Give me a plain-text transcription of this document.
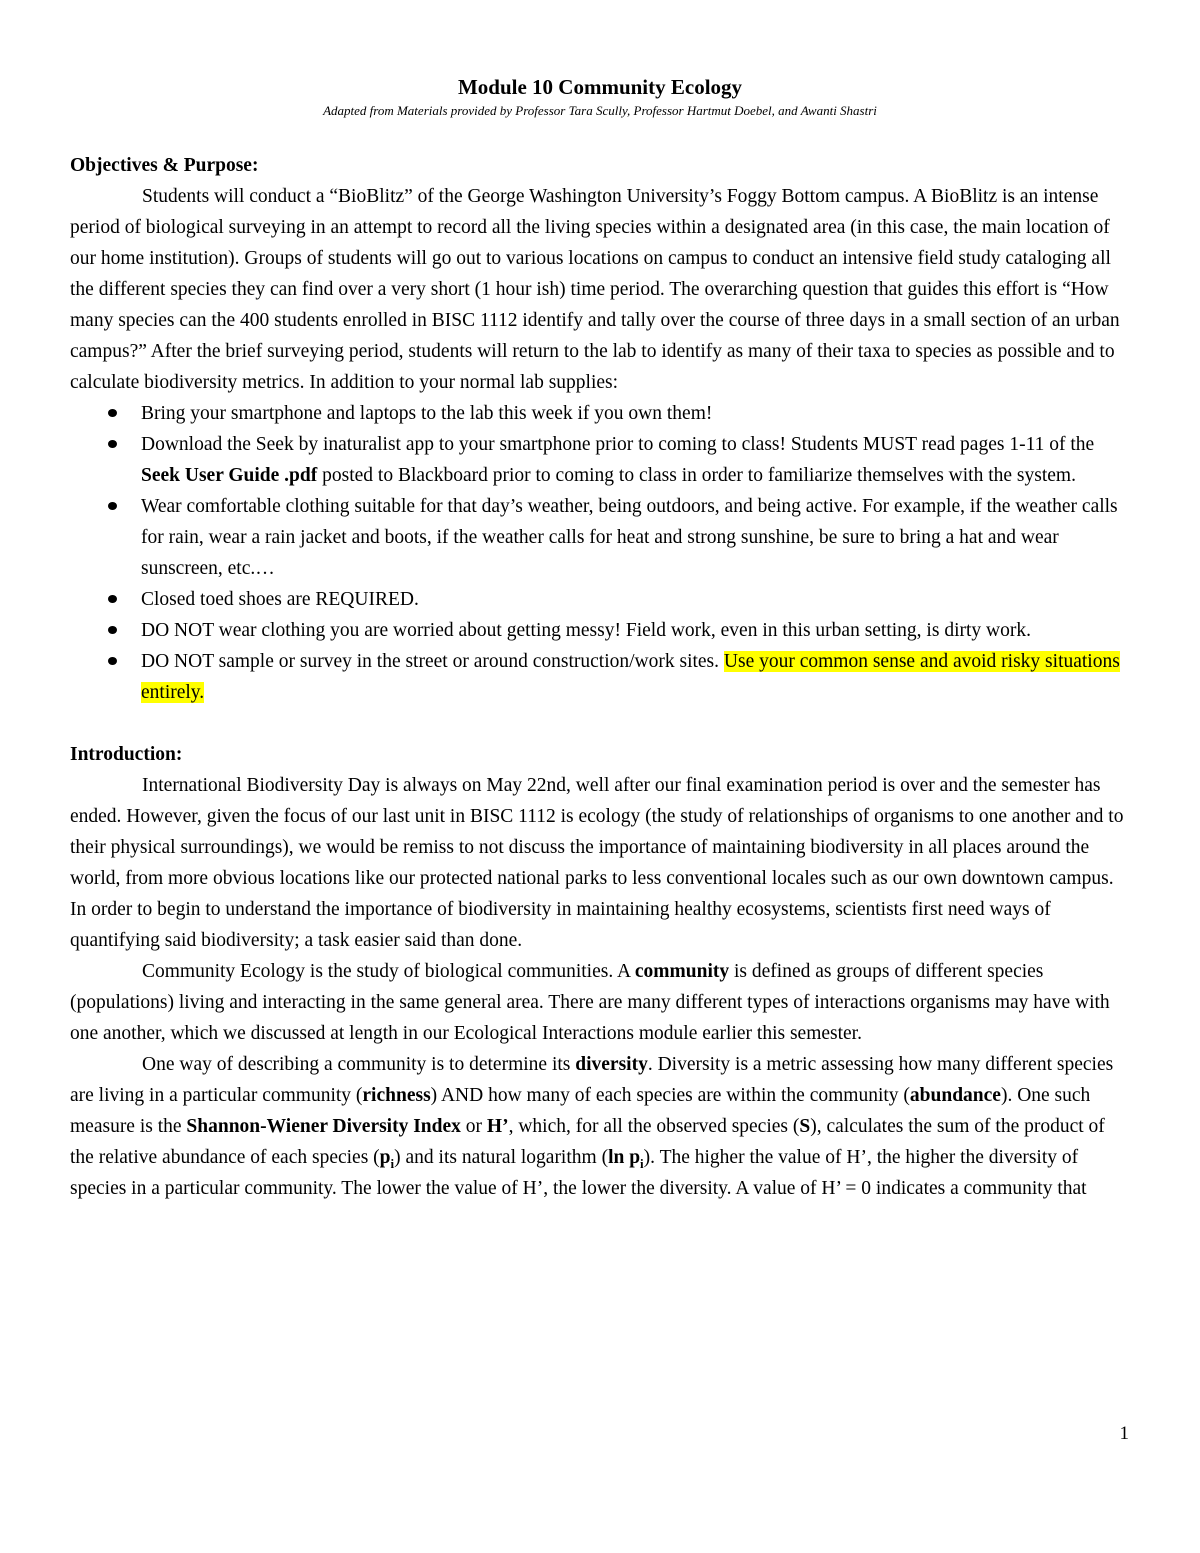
Module 10 Community Ecology
Adapted from Materials provided by Professor Tara Scully, Professor Hartmut Doebel, and Awanti Shastri
Objectives & Purpose:

Students will conduct a “BioBlitz” of the George Washington University’s Foggy Bottom campus. A BioBlitz is an intense period of biological surveying in an attempt to record all the living species within a designated area (in this case, the main location of our home institution). Groups of students will go out to various locations on campus to conduct an intensive field study cataloging all the different species they can find over a very short (1 hour ish) time period. The overarching question that guides this effort is “How many species can the 400 students enrolled in BISC 1112 identify and tally over the course of three days in a small section of an urban campus?” After the brief surveying period, students will return to the lab to identify as many of their taxa to species as possible and to calculate biodiversity metrics. In addition to your normal lab supplies:

Bring your smartphone and laptops to the lab this week if you own them!
Download the Seek by inaturalist app to your smartphone prior to coming to class! Students MUST read pages 1-11 of the Seek User Guide .pdf posted to Blackboard prior to coming to class in order to familiarize themselves with the system.
Wear comfortable clothing suitable for that day’s weather, being outdoors, and being active. For example, if the weather calls for rain, wear a rain jacket and boots, if the weather calls for heat and strong sunshine, be sure to bring a hat and wear sunscreen, etc.…
Closed toed shoes are REQUIRED.
DO NOT wear clothing you are worried about getting messy! Field work, even in this urban setting, is dirty work.
DO NOT sample or survey in the street or around construction/work sites. Use your common sense and avoid risky situations entirely.
Introduction:

International Biodiversity Day is always on May 22nd, well after our final examination period is over and the semester has ended. However, given the focus of our last unit in BISC 1112 is ecology (the study of relationships of organisms to one another and to their physical surroundings), we would be remiss to not discuss the importance of maintaining biodiversity in all places around the world, from more obvious locations like our protected national parks to less conventional locales such as our own downtown campus. In order to begin to understand the importance of biodiversity in maintaining healthy ecosystems, scientists first need ways of quantifying said biodiversity; a task easier said than done.

Community Ecology is the study of biological communities. A community is defined as groups of different species (populations) living and interacting in the same general area. There are many different types of interactions organisms may have with one another, which we discussed at length in our Ecological Interactions module earlier this semester.

One way of describing a community is to determine its diversity. Diversity is a metric assessing how many different species are living in a particular community (richness) AND how many of each species are within the community (abundance). One such measure is the Shannon-Wiener Diversity Index or H’, which, for all the observed species (S), calculates the sum of the product of the relative abundance of each species $(p_i)$ and its natural logarithm (ln $p_i$). The higher the value of H’, the higher the diversity of species in a particular community. The lower the value of H’, the lower the diversity. A value of H’ = 0 indicates a community that

1
